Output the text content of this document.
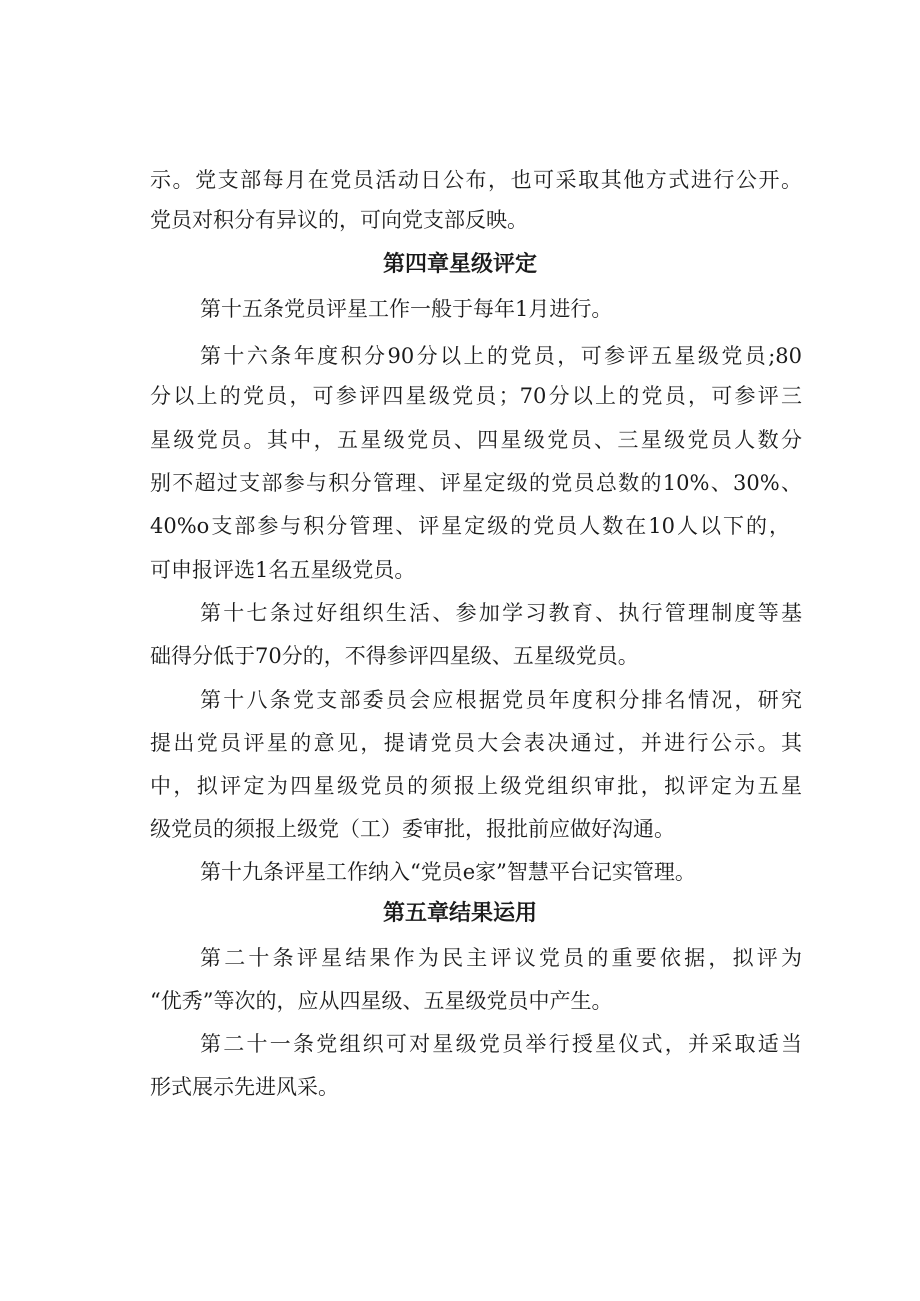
示。党支部每月在党员活动日公布，也可采取其他方式进行公开。
党员对积分有异议的，可向党支部反映。
第四章星级评定
第十五条党员评星工作一般于每年1月进行。
第十六条年度积分90分以上的党员，可参评五星级党员;80
分以上的党员，可参评四星级党员；70分以上的党员，可参评三
星级党员。其中，五星级党员、四星级党员、三星级党员人数分
别不超过支部参与积分管理、评星定级的党员总数的10%、30%、
40%o支部参与积分管理、评星定级的党员人数在10人以下的，
可申报评选1名五星级党员。
第十七条过好组织生活、参加学习教育、执行管理制度等基
础得分低于70分的，不得参评四星级、五星级党员。
第十八条党支部委员会应根据党员年度积分排名情况，研究
提出党员评星的意见，提请党员大会表决通过，并进行公示。其
中，拟评定为四星级党员的须报上级党组织审批，拟评定为五星
级党员的须报上级党（工）委审批，报批前应做好沟通。
第十九条评星工作纳入“党员e家”智慧平台记实管理。
第五章结果运用
第二十条评星结果作为民主评议党员的重要依据，拟评为
“优秀”等次的，应从四星级、五星级党员中产生。
第二十一条党组织可对星级党员举行授星仪式，并采取适当
形式展示先进风采。
